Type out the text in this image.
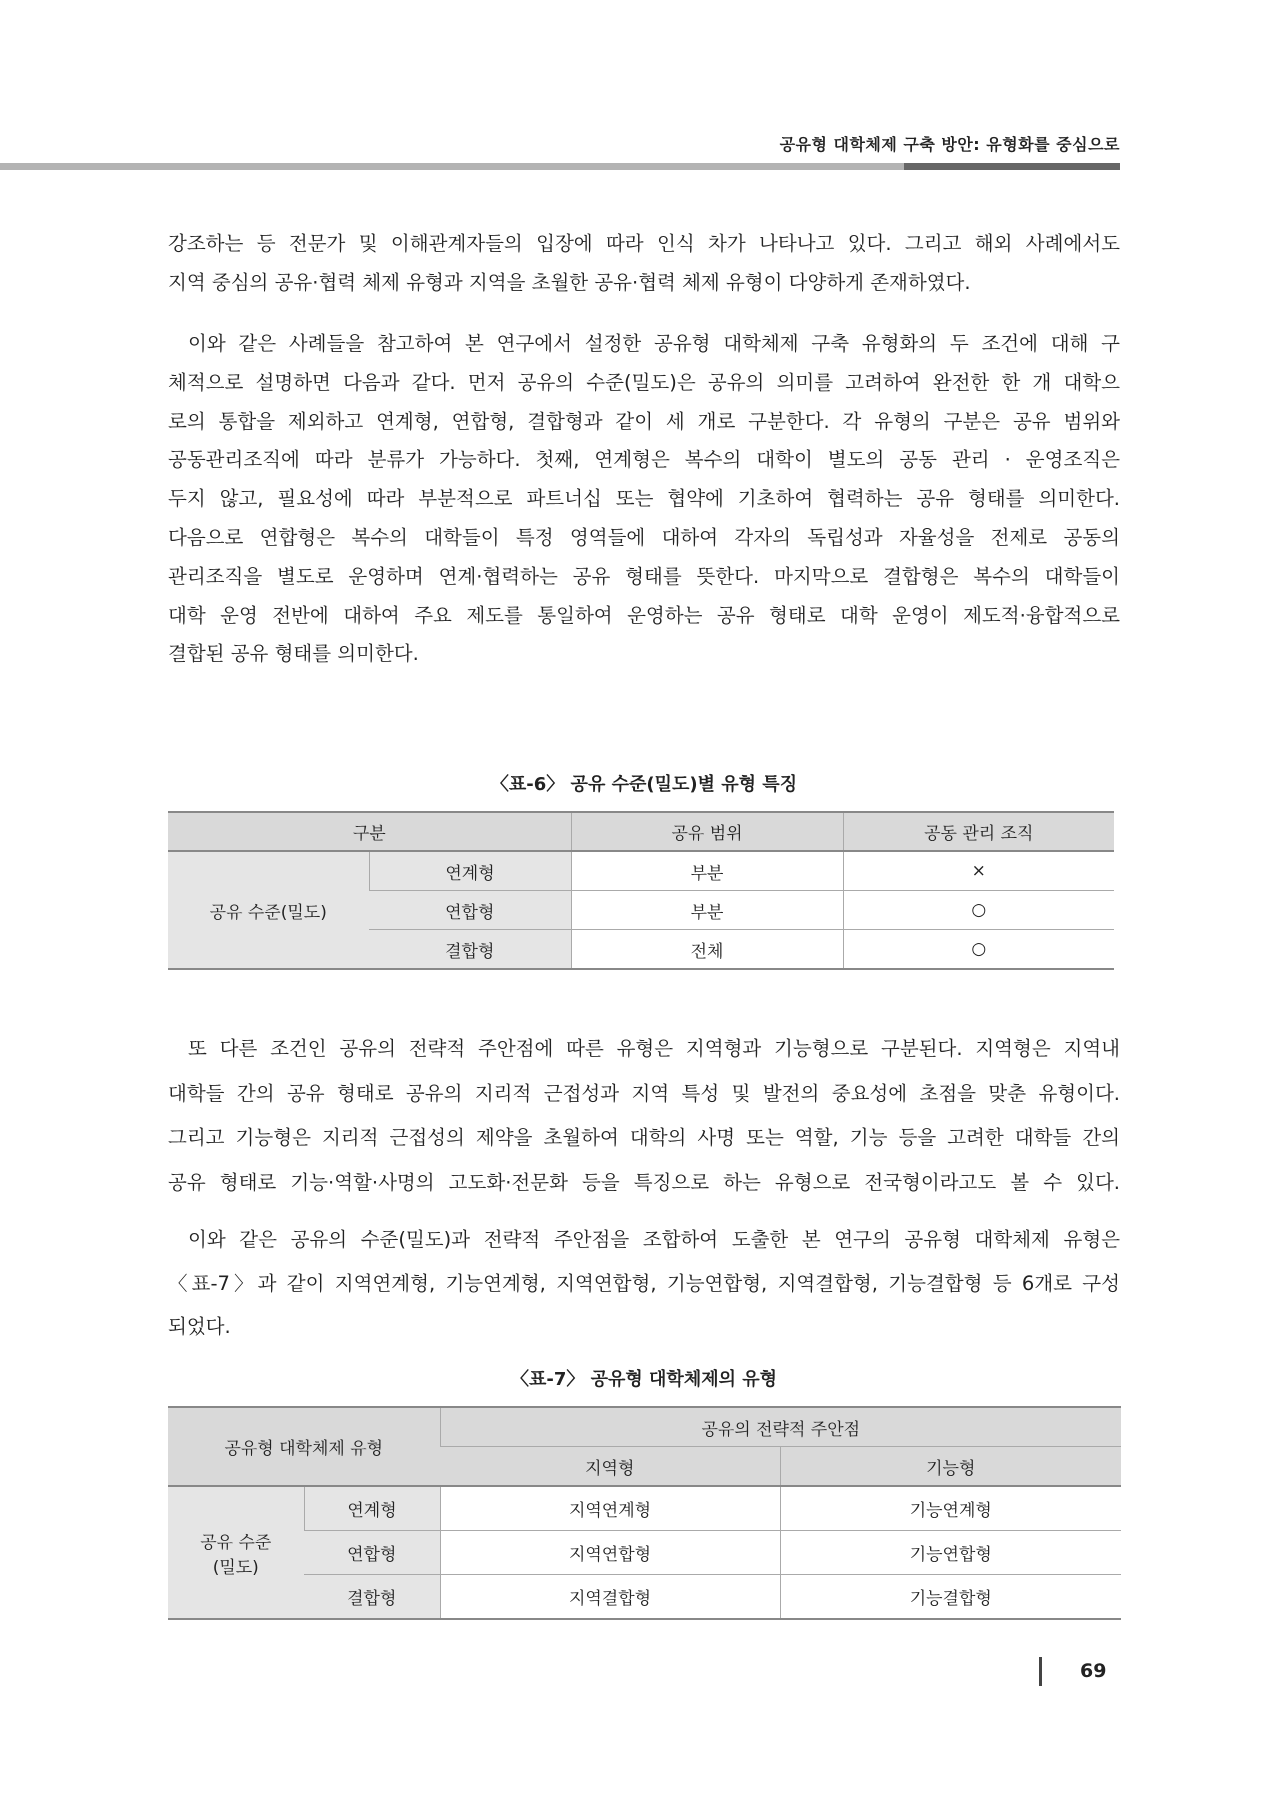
공유형 대학체제 구축 방안: 유형화를 중심으로
강조하는 등 전문가 및 이해관계자들의 입장에 따라 인식 차가 나타나고 있다. 그리고 해외 사례에서도
지역 중심의 공유·협력 체제 유형과 지역을 초월한 공유·협력 체제 유형이 다양하게 존재하였다.
이와 같은 사례들을 참고하여 본 연구에서 설정한 공유형 대학체제 구축 유형화의 두 조건에 대해 구
체적으로 설명하면 다음과 같다. 먼저 공유의 수준(밀도)은 공유의 의미를 고려하여 완전한 한 개 대학으
로의 통합을 제외하고 연계형, 연합형, 결합형과 같이 세 개로 구분한다. 각 유형의 구분은 공유 범위와
공동관리조직에 따라 분류가 가능하다. 첫째, 연계형은 복수의 대학이 별도의 공동 관리 · 운영조직은
두지 않고, 필요성에 따라 부분적으로 파트너십 또는 협약에 기초하여 협력하는 공유 형태를 의미한다.
다음으로 연합형은 복수의 대학들이 특정 영역들에 대하여 각자의 독립성과 자율성을 전제로 공동의
관리조직을 별도로 운영하며 연계·협력하는 공유 형태를 뜻한다. 마지막으로 결합형은 복수의 대학들이
대학 운영 전반에 대하여 주요 제도를 통일하여 운영하는 공유 형태로 대학 운영이 제도적·융합적으로
결합된 공유 형태를 의미한다.
〈표-6〉 공유 수준(밀도)별 유형 특징
구분		공유 범위	공동 관리 조직
공유 수준(밀도)	연계형	부분	×
	연합형	부분	○
	결합형	전체	○
또 다른 조건인 공유의 전략적 주안점에 따른 유형은 지역형과 기능형으로 구분된다. 지역형은 지역내
대학들 간의 공유 형태로 공유의 지리적 근접성과 지역 특성 및 발전의 중요성에 초점을 맞춘 유형이다.
그리고 기능형은 지리적 근접성의 제약을 초월하여 대학의 사명 또는 역할, 기능 등을 고려한 대학들 간의
공유 형태로 기능·역할·사명의 고도화·전문화 등을 특징으로 하는 유형으로 전국형이라고도 볼 수 있다.
이와 같은 공유의 수준(밀도)과 전략적 주안점을 조합하여 도출한 본 연구의 공유형 대학체제 유형은
〈표-7〉과 같이 지역연계형, 기능연계형, 지역연합형, 기능연합형, 지역결합형, 기능결합형 등 6개로 구성
되었다.
〈표-7〉 공유형 대학체제의 유형
공유형 대학체제 유형		공유의 전략적 주안점	
		지역형	기능형

공유 수준
(밀도)	연계형	지역연계형	기능연계형
	연합형	지역연합형	기능연합형
	결합형	지역결합형	기능결합형
69
